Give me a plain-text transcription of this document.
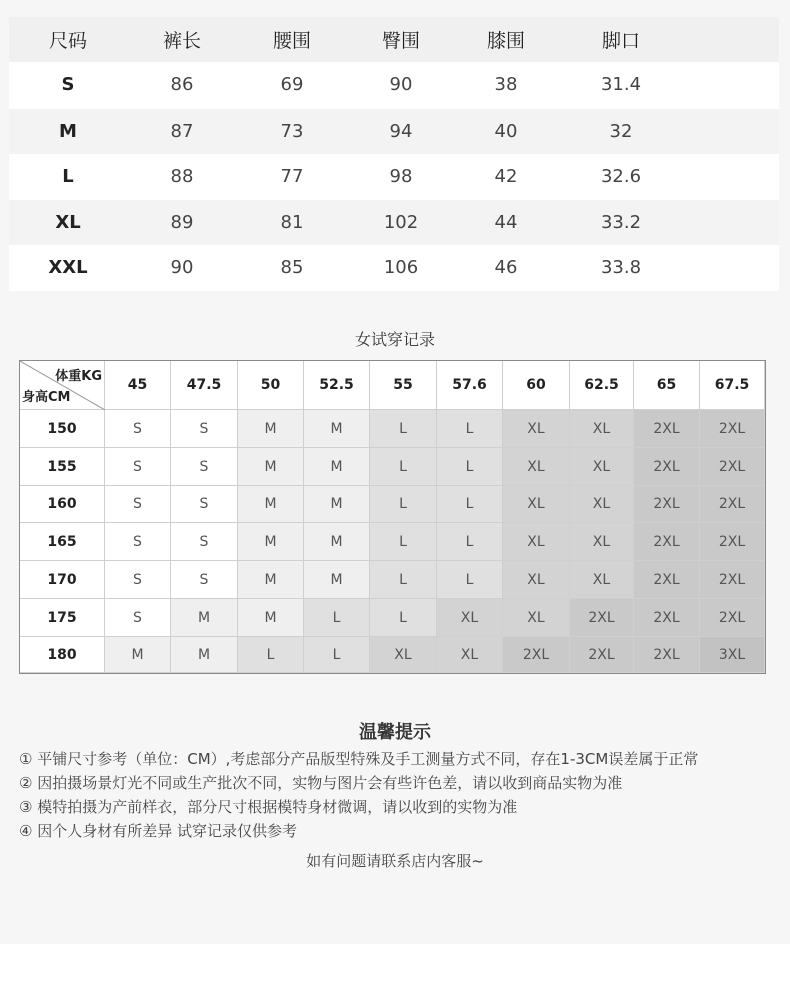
尺码	裤长	腰围	臀围	膝围	脚口
S	86	69	90	38	31.4
M	87	73	94	40	32
L	88	77	98	42	32.6
XL	89	81	102	44	33.2
XXL	90	85	106	46	33.8
女试穿记录
体重KG
身高CM
45	47.5	50	52.5	55	57.6	60	62.5	65	67.5
150	S	S	M	M	L	L	XL	XL	2XL	2XL
155	S	S	M	M	L	L	XL	XL	2XL	2XL
160	S	S	M	M	L	L	XL	XL	2XL	2XL
165	S	S	M	M	L	L	XL	XL	2XL	2XL
170	S	S	M	M	L	L	XL	XL	2XL	2XL
175	S	M	M	L	L	XL	XL	2XL	2XL	2XL
180	M	M	L	L	XL	XL	2XL	2XL	2XL	3XL
温馨提示
① 平铺尺寸参考（单位：CM）,考虑部分产品版型特殊及手工测量方式不同，存在1-3CM误差属于正常
② 因拍摄场景灯光不同或生产批次不同，实物与图片会有些许色差，请以收到商品实物为准
③ 模特拍摄为产前样衣，部分尺寸根据模特身材微调，请以收到的实物为准
④ 因个人身材有所差异 试穿记录仅供参考
如有问题请联系店内客服~
